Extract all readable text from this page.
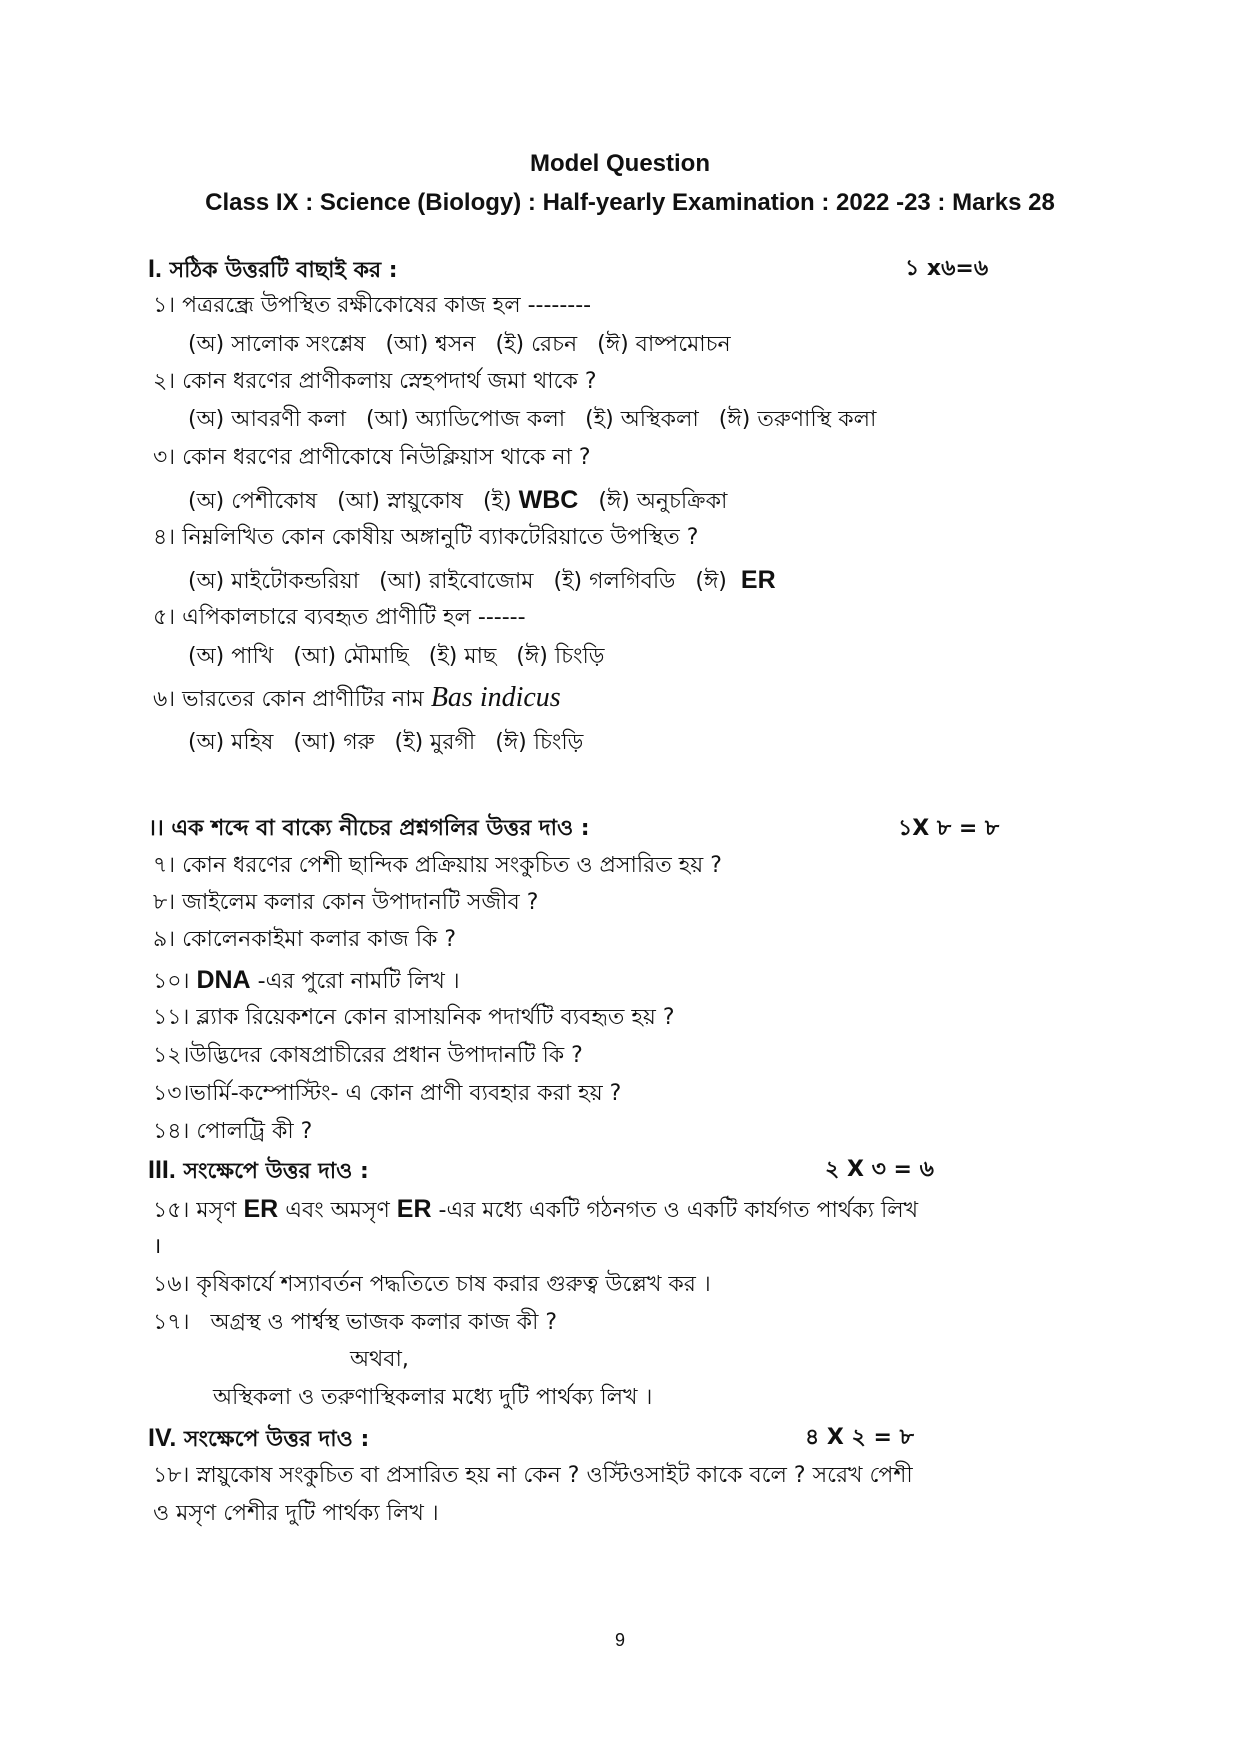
Model Question
Class IX : Science (Biology) : Half-yearly Examination : 2022 -23 : Marks 28
I. সঠিক উত্তরটি বাছাই কর :	১ x৬=৬
১। পত্ররন্ধ্রে উপস্থিত রক্ষীকোষের কাজ হল --------
(অ) সালোক সংশ্লেষ (আ) শ্বসন (ই) রেচন (ঈ) বাষ্পমোচন
২। কোন ধরণের প্রাণীকলায় স্নেহপদার্থ জমা থাকে ?
(অ) আবরণী কলা (আ) অ্যাডিপোজ কলা (ই) অস্থিকলা (ঈ) তরুণাস্থি কলা
৩। কোন ধরণের প্রাণীকোষে নিউক্লিয়াস থাকে না ?
(অ) পেশীকোষ (আ) স্নায়ুকোষ (ই) WBC (ঈ) অনুচক্রিকা
৪। নিম্নলিখিত কোন কোষীয় অঙ্গানুটি ব্যাকটেরিয়াতে উপস্থিত ?
(অ) মাইটোকন্ডরিয়া (আ) রাইবোজোম (ই) গলগিবডি (ঈ) ER
৫। এপিকালচারে ব্যবহৃত প্রাণীটি হল ------
(অ) পাখি (আ) মৌমাছি (ই) মাছ (ঈ) চিংড়ি
৬। ভারতের কোন প্রাণীটির নাম Bas indicus
(অ) মহিষ (আ) গরু (ই) মুরগী (ঈ) চিংড়ি
।। এক শব্দে বা বাক্যে নীচের প্রশ্নগলির উত্তর দাও :	১X ৮ = ৮
৭। কোন ধরণের পেশী ছান্দিক প্রক্রিয়ায় সংকুচিত ও প্রসারিত হয় ?
৮। জাইলেম কলার কোন উপাদানটি সজীব ?
৯। কোলেনকাইমা কলার কাজ কি ?
১০। DNA -এর পুরো নামটি লিখ ।
১১। ব্ল্যাক রিয়েকশনে কোন রাসায়নিক পদার্থটি ব্যবহৃত হয় ?
১২।উদ্ভিদের কোষপ্রাচীরের প্রধান উপাদানটি কি ?
১৩।ভার্মি-কম্পোস্টিং- এ কোন প্রাণী ব্যবহার করা হয় ?
১৪। পোলট্রি কী ?
III. সংক্ষেপে উত্তর দাও :	২ X ৩ = ৬
১৫। মসৃণ ER এবং অমসৃণ ER -এর মধ্যে একটি গঠনগত ও একটি কার্যগত পার্থক্য লিখ
।
১৬। কৃষিকার্যে শস্যাবর্তন পদ্ধতিতে চাষ করার গুরুত্ব উল্লেখ কর ।
১৭। অগ্রস্থ ও পার্শ্বস্থ ভাজক কলার কাজ কী ?
অথবা,
অস্থিকলা ও তরুণাস্থিকলার মধ্যে দুটি পার্থক্য লিখ ।
IV. সংক্ষেপে উত্তর দাও :	৪ X ২ = ৮
১৮। স্নায়ুকোষ সংকুচিত বা প্রসারিত হয় না কেন ? ওস্টিওসাইট কাকে বলে ? সরেখ পেশী
ও মসৃণ পেশীর দুটি পার্থক্য লিখ ।
9
